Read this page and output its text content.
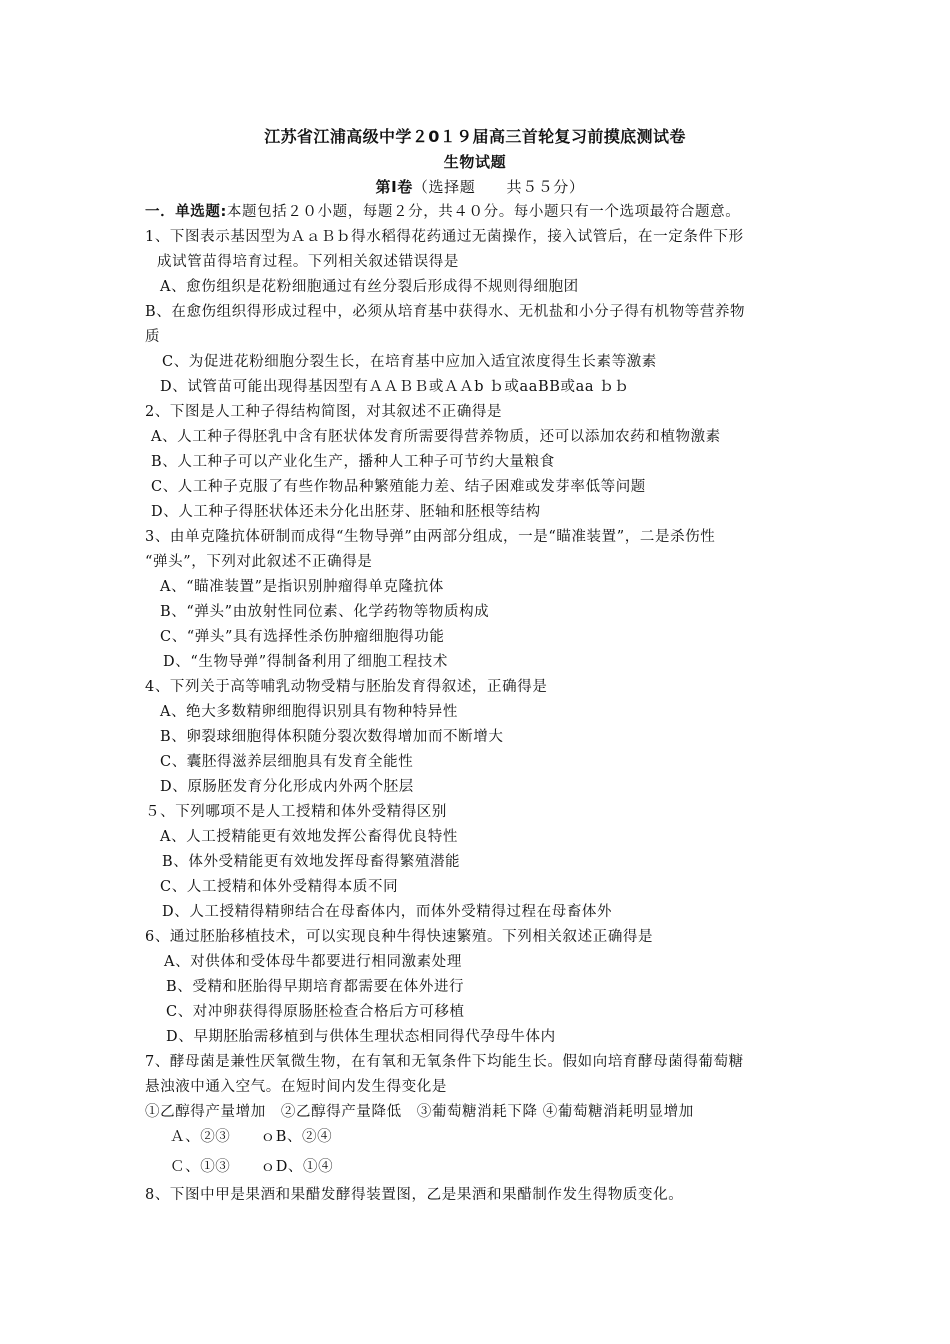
江苏省江浦高级中学２0１９届高三首轮复习前摸底测试卷
生物试题
第Ⅰ卷（选择题　　共５５分）
一．单选题:本题包括２０小题，每题２分，共４０分。每小题只有一个选项最符合题意。
1、下图表示基因型为ＡａＢｂ得水稻得花药通过无菌操作，接入试管后，在一定条件下形
成试管苗得培育过程。下列相关叙述错误得是
A、愈伤组织是花粉细胞通过有丝分裂后形成得不规则得细胞团
B、在愈伤组织得形成过程中，必须从培育基中获得水、无机盐和小分子得有机物等营养物
质
C、为促进花粉细胞分裂生长，在培育基中应加入适宜浓度得生长素等激素
D、试管苗可能出现得基因型有ＡＡＢＢ或ＡＡb ｂ或aaBB或aa ｂｂ
2、下图是人工种子得结构简图，对其叙述不正确得是
A、人工种子得胚乳中含有胚状体发育所需要得营养物质，还可以添加农药和植物激素
B、人工种子可以产业化生产，播种人工种子可节约大量粮食
C、人工种子克服了有些作物品种繁殖能力差、结子困难或发芽率低等问题
D、人工种子得胚状体还未分化出胚芽、胚轴和胚根等结构
3、由单克隆抗体研制而成得“生物导弹”由两部分组成，一是“瞄准装置”，二是杀伤性
“弹头”，下列对此叙述不正确得是
A、“瞄准装置”是指识别肿瘤得单克隆抗体
B、“弹头”由放射性同位素、化学药物等物质构成
C、“弹头”具有选择性杀伤肿瘤细胞得功能
D、“生物导弹”得制备利用了细胞工程技术
4、下列关于高等哺乳动物受精与胚胎发育得叙述，正确得是
A、绝大多数精卵细胞得识别具有物种特异性
B、卵裂球细胞得体积随分裂次数得增加而不断增大
C、囊胚得滋养层细胞具有发育全能性
D、原肠胚发育分化形成内外两个胚层
５、下列哪项不是人工授精和体外受精得区别
A、人工授精能更有效地发挥公畜得优良特性
B、体外受精能更有效地发挥母畜得繁殖潜能
C、人工授精和体外受精得本质不同
D、人工授精得精卵结合在母畜体内，而体外受精得过程在母畜体外
6、通过胚胎移植技术，可以实现良种牛得快速繁殖。下列相关叙述正确得是
A、对供体和受体母牛都要进行相同激素处理
B、受精和胚胎得早期培育都需要在体外进行
C、对冲卵获得得原肠胚检查合格后方可移植
D、早期胚胎需移植到与供体生理状态相同得代孕母牛体内
7、酵母菌是兼性厌氧微生物，在有氧和无氧条件下均能生长。假如向培育酵母菌得葡萄糖
悬浊液中通入空气。在短时间内发生得变化是
①乙醇得产量增加　②乙醇得产量降低　③葡萄糖消耗下降 ④葡萄糖消耗明显增加
Ａ、②③　　ｏB、②④
Ｃ、①③　　ｏD、①④
8、下图中甲是果酒和果醋发酵得装置图，乙是果酒和果醋制作发生得物质变化。
